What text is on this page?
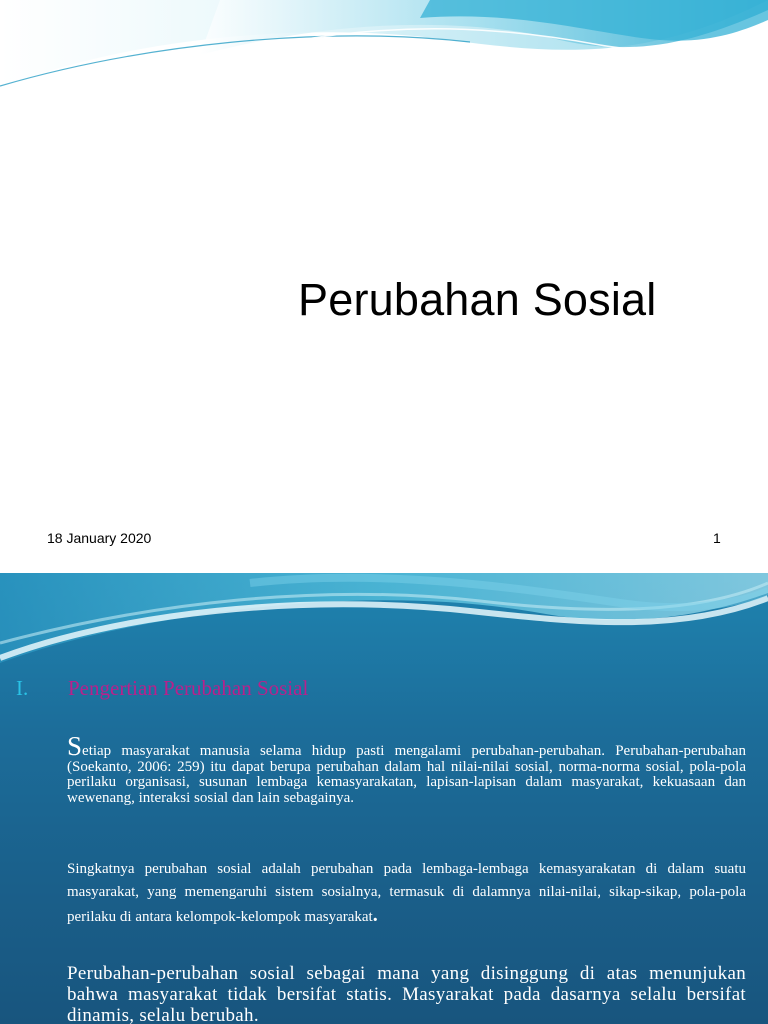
Perubahan Sosial
18 January 2020	1
I. Pengertian Perubahan Sosial

Setiap masyarakat manusia selama hidup pasti mengalami perubahan-perubahan. Perubahan-perubahan (Soekanto, 2006: 259) itu dapat berupa perubahan dalam hal nilai-nilai sosial, norma-norma sosial, pola-pola perilaku organisasi, susunan lembaga kemasyarakatan, lapisan-lapisan dalam masyarakat, kekuasaan dan wewenang, interaksi sosial dan lain sebagainya.

Singkatnya perubahan sosial adalah perubahan pada lembaga-lembaga kemasyarakatan di dalam suatu masyarakat, yang memengaruhi sistem sosialnya, termasuk di dalamnya nilai-nilai, sikap-sikap, pola-pola perilaku di antara kelompok-kelompok masyarakat.

Perubahan-perubahan sosial sebagai mana yang disinggung di atas menunjukan bahwa masyarakat tidak bersifat statis. Masyarakat pada dasarnya selalu bersifat dinamis, selalu berubah.
